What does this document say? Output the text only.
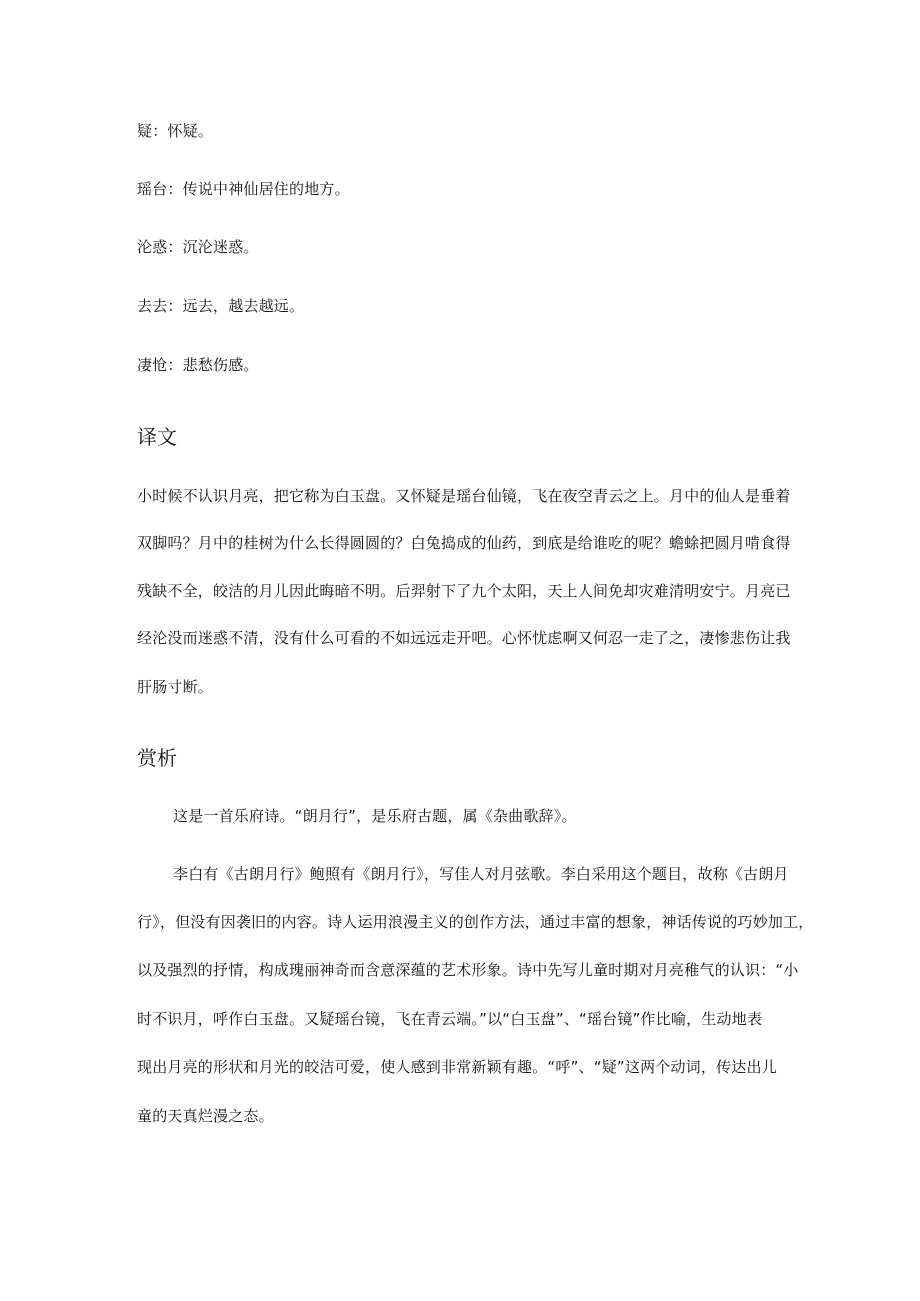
疑：怀疑。
瑶台：传说中神仙居住的地方。
沦惑：沉沦迷惑。
去去：远去，越去越远。
凄怆：悲愁伤感。
译文
小时候不认识月亮，把它称为白玉盘。又怀疑是瑶台仙镜，飞在夜空青云之上。月中的仙人是垂着
双脚吗？月中的桂树为什么长得圆圆的？白兔捣成的仙药，到底是给谁吃的呢？蟾蜍把圆月啃食得
残缺不全，皎洁的月儿因此晦暗不明。后羿射下了九个太阳，天上人间免却灾难清明安宁。月亮已
经沦没而迷惑不清，没有什么可看的不如远远走开吧。心怀忧虑啊又何忍一走了之，凄惨悲伤让我
肝肠寸断。
赏析
这是一首乐府诗。“朗月行”，是乐府古题，属《杂曲歌辞》。
李白有《古朗月行》鲍照有《朗月行》，写佳人对月弦歌。李白采用这个题目，故称《古朗月
行》，但没有因袭旧的内容。诗人运用浪漫主义的创作方法，通过丰富的想象，神话传说的巧妙加工，
以及强烈的抒情，构成瑰丽神奇而含意深蕴的艺术形象。诗中先写儿童时期对月亮稚气的认识：“小
时不识月，呼作白玉盘。又疑瑶台镜，飞在青云端。”以“白玉盘”、“瑶台镜”作比喻，生动地表
现出月亮的形状和月光的皎洁可爱，使人感到非常新颖有趣。“呼”、“疑”这两个动词，传达出儿
童的天真烂漫之态。
